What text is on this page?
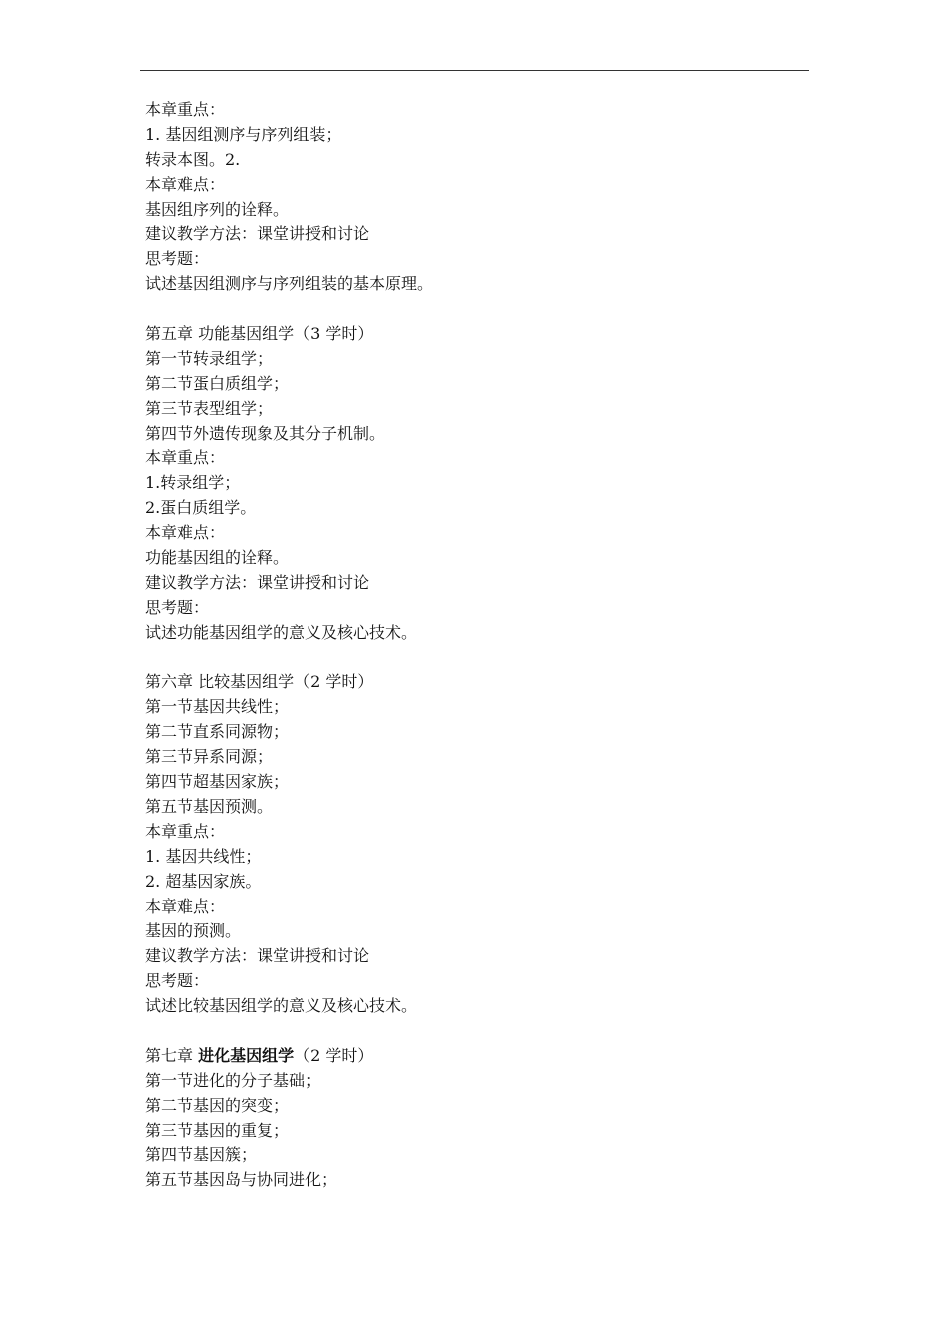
本章重点：
1. 基因组测序与序列组装；
转录本图。2.
本章难点：
基因组序列的诠释。
建议教学方法：课堂讲授和讨论
思考题：
试述基因组测序与序列组装的基本原理。
第五章 功能基因组学（3 学时）
第一节转录组学；
第二节蛋白质组学；
第三节表型组学；
第四节外遗传现象及其分子机制。
本章重点：
1.转录组学；
2.蛋白质组学。
本章难点：
功能基因组的诠释。
建议教学方法：课堂讲授和讨论
思考题：
试述功能基因组学的意义及核心技术。
第六章 比较基因组学（2 学时）
第一节基因共线性；
第二节直系同源物；
第三节异系同源；
第四节超基因家族；
第五节基因预测。
本章重点：
1. 基因共线性；
2. 超基因家族。
本章难点：
基因的预测。
建议教学方法：课堂讲授和讨论
思考题：
试述比较基因组学的意义及核心技术。
第七章 进化基因组学（2 学时）
第一节进化的分子基础；
第二节基因的突变；
第三节基因的重复；
第四节基因簇；
第五节基因岛与协同进化；
